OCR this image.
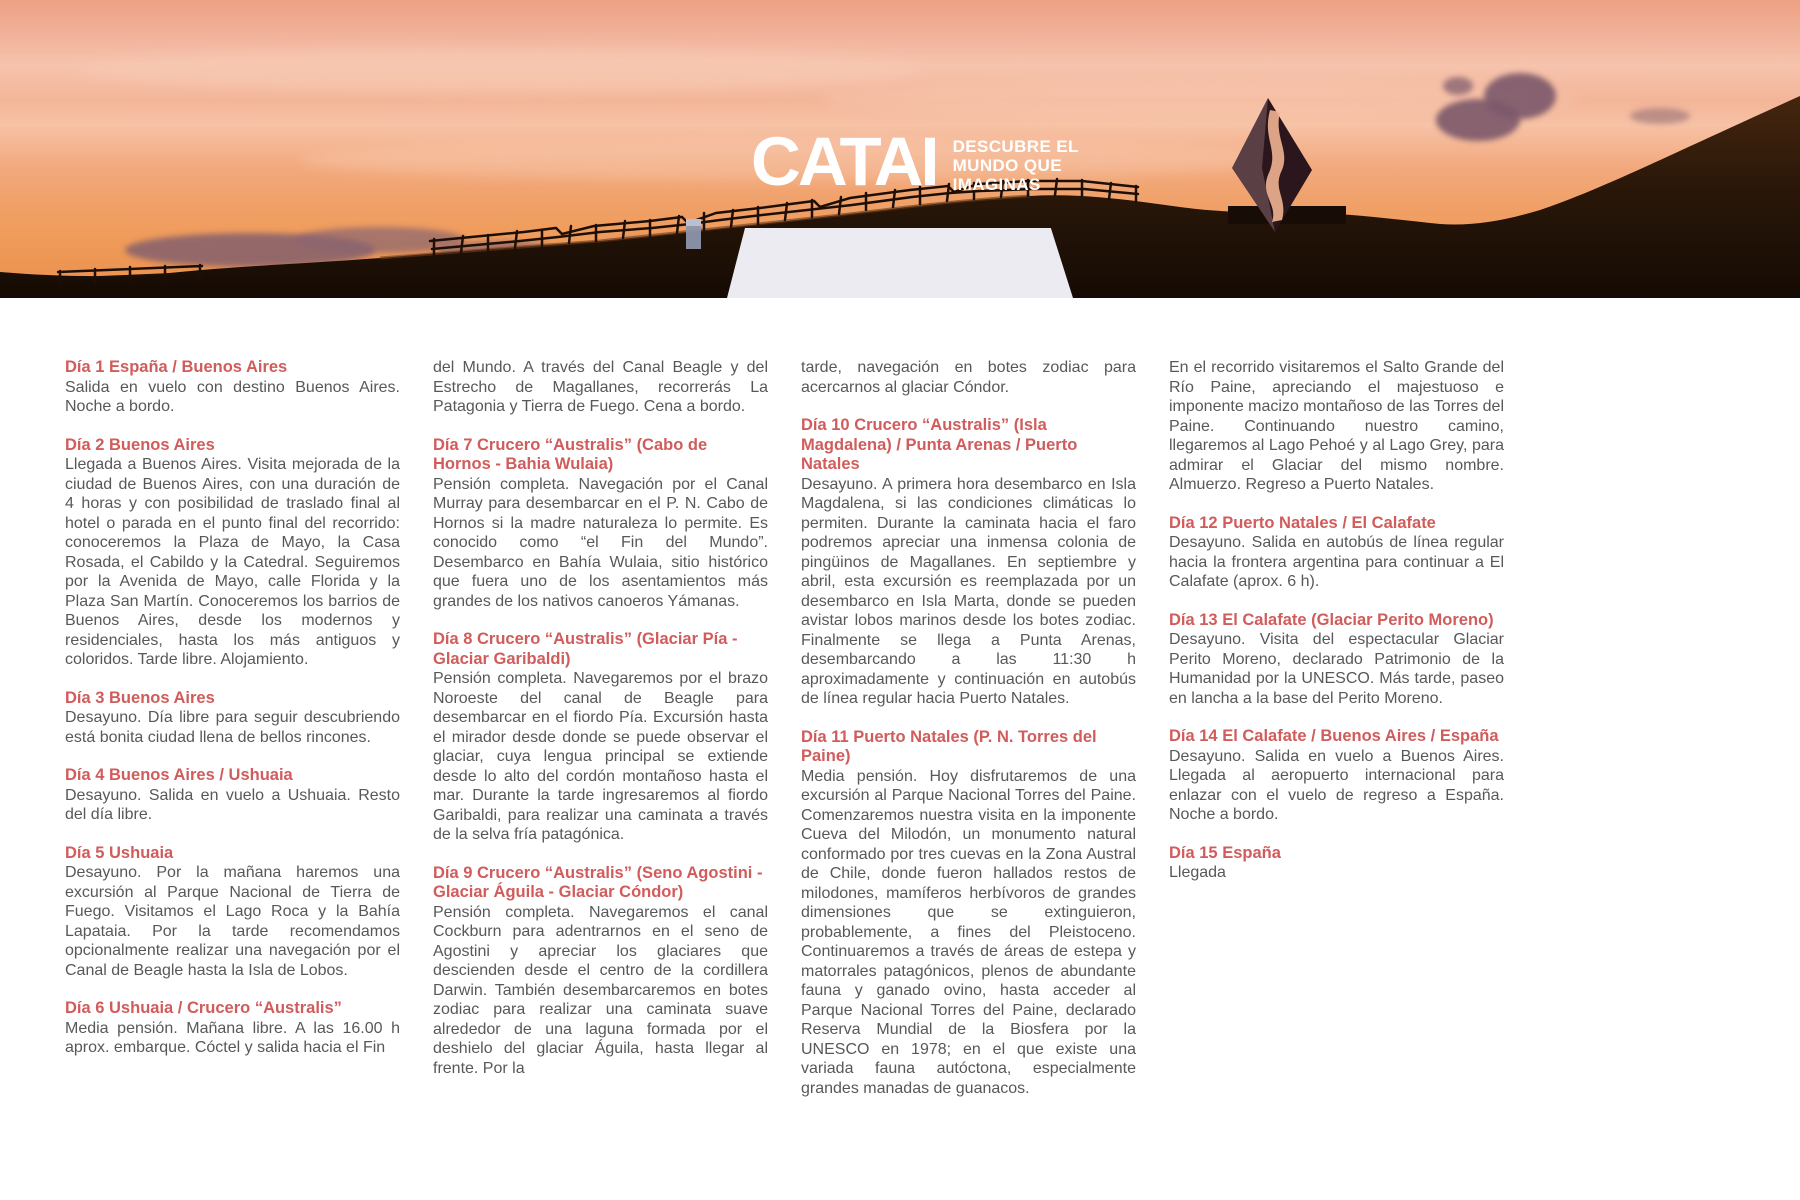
CATAI DESCUBRE EL
MUNDO QUE
IMAGINAS
Día 1 España / Buenos Aires

Salida en vuelo con destino Buenos Aires. Noche a bordo.

Día 2 Buenos Aires

Llegada a Buenos Aires. Visita mejorada de la ciudad de Buenos Aires, con una duración de 4 horas y con posibilidad de traslado final al hotel o parada en el punto final del recorrido: conoceremos la Plaza de Mayo, la Casa Rosada, el Cabildo y la Catedral. Seguiremos por la Avenida de Mayo, calle Florida y la Plaza San Martín. Conoceremos los barrios de Buenos Aires, desde los modernos y residenciales, hasta los más antiguos y coloridos. Tarde libre. Alojamiento.

Día 3 Buenos Aires

Desayuno. Día libre para seguir descubriendo está bonita ciudad llena de bellos rincones.

Día 4 Buenos Aires / Ushuaia

Desayuno. Salida en vuelo a Ushuaia. Resto del día libre.

Día 5 Ushuaia

Desayuno. Por la mañana haremos una excursión al Parque Nacional de Tierra de Fuego. Visitamos el Lago Roca y la Bahía Lapataia. Por la tarde recomendamos opcionalmente realizar una navegación por el Canal de Beagle hasta la Isla de Lobos.

Día 6 Ushuaia / Crucero “Australis”

Media pensión. Mañana libre. A las 16.00 h aprox. embarque. Cóctel y salida hacia el Fin

del Mundo. A través del Canal Beagle y del Estrecho de Magallanes, recorrerás La Patagonia y Tierra de Fuego. Cena a bordo.

Día 7 Crucero “Australis” (Cabo de Hornos - Bahia Wulaia)

Pensión completa. Navegación por el Canal Murray para desembarcar en el P. N. Cabo de Hornos si la madre naturaleza lo permite. Es conocido como “el Fin del Mundo”. Desembarco en Bahía Wulaia, sitio histórico que fuera uno de los asentamientos más grandes de los nativos canoeros Yámanas.

Día 8 Crucero “Australis” (Glaciar Pía - Glaciar Garibaldi)

Pensión completa. Navegaremos por el brazo Noroeste del canal de Beagle para desembarcar en el fiordo Pía. Excursión hasta el mirador desde donde se puede observar el glaciar, cuya lengua principal se extiende desde lo alto del cordón montañoso hasta el mar. Durante la tarde ingresaremos al fiordo Garibaldi, para realizar una caminata a través de la selva fría patagónica.

Día 9 Crucero “Australis” (Seno Agostini - Glaciar Águila - Glaciar Cóndor)

Pensión completa. Navegaremos el canal Cockburn para adentrarnos en el seno de Agostini y apreciar los glaciares que descienden desde el centro de la cordillera Darwin. También desembarcaremos en botes zodiac para realizar una caminata suave alrededor de una laguna formada por el deshielo del glaciar Águila, hasta llegar al frente. Por la

tarde, navegación en botes zodiac para acercarnos al glaciar Cóndor.

Día 10 Crucero “Australis” (Isla Magdalena) / Punta Arenas / Puerto Natales

Desayuno. A primera hora desembarco en Isla Magdalena, si las condiciones climáticas lo permiten. Durante la caminata hacia el faro podremos apreciar una inmensa colonia de pingüinos de Magallanes. En septiembre y abril, esta excursión es reemplazada por un desembarco en Isla Marta, donde se pueden avistar lobos marinos desde los botes zodiac. Finalmente se llega a Punta Arenas, desembarcando a las 11:30 h aproximadamente y continuación en autobús de línea regular hacia Puerto Natales.

Día 11 Puerto Natales (P. N. Torres del Paine)

Media pensión. Hoy disfrutaremos de una excursión al Parque Nacional Torres del Paine. Comenzaremos nuestra visita en la imponente Cueva del Milodón, un monumento natural conformado por tres cuevas en la Zona Austral de Chile, donde fueron hallados restos de milodones, mamíferos herbívoros de grandes dimensiones que se extinguieron, probablemente, a fines del Pleistoceno. Continuaremos a través de áreas de estepa y matorrales patagónicos, plenos de abundante fauna y ganado ovino, hasta acceder al Parque Nacional Torres del Paine, declarado Reserva Mundial de la Biosfera por la UNESCO en 1978; en el que existe una variada fauna autóctona, especialmente grandes manadas de guanacos.

En el recorrido visitaremos el Salto Grande del Río Paine, apreciando el majestuoso e imponente macizo montañoso de las Torres del Paine. Continuando nuestro camino, llegaremos al Lago Pehoé y al Lago Grey, para admirar el Glaciar del mismo nombre. Almuerzo. Regreso a Puerto Natales.

Día 12 Puerto Natales / El Calafate

Desayuno. Salida en autobús de línea regular hacia la frontera argentina para continuar a El Calafate (aprox. 6 h).

Día 13 El Calafate (Glaciar Perito Moreno)

Desayuno. Visita del espectacular Glaciar Perito Moreno, declarado Patrimonio de la Humanidad por la UNESCO. Más tarde, paseo en lancha a la base del Perito Moreno.

Día 14 El Calafate / Buenos Aires / España

Desayuno. Salida en vuelo a Buenos Aires. Llegada al aeropuerto internacional para enlazar con el vuelo de regreso a España. Noche a bordo.

Día 15 España

Llegada
